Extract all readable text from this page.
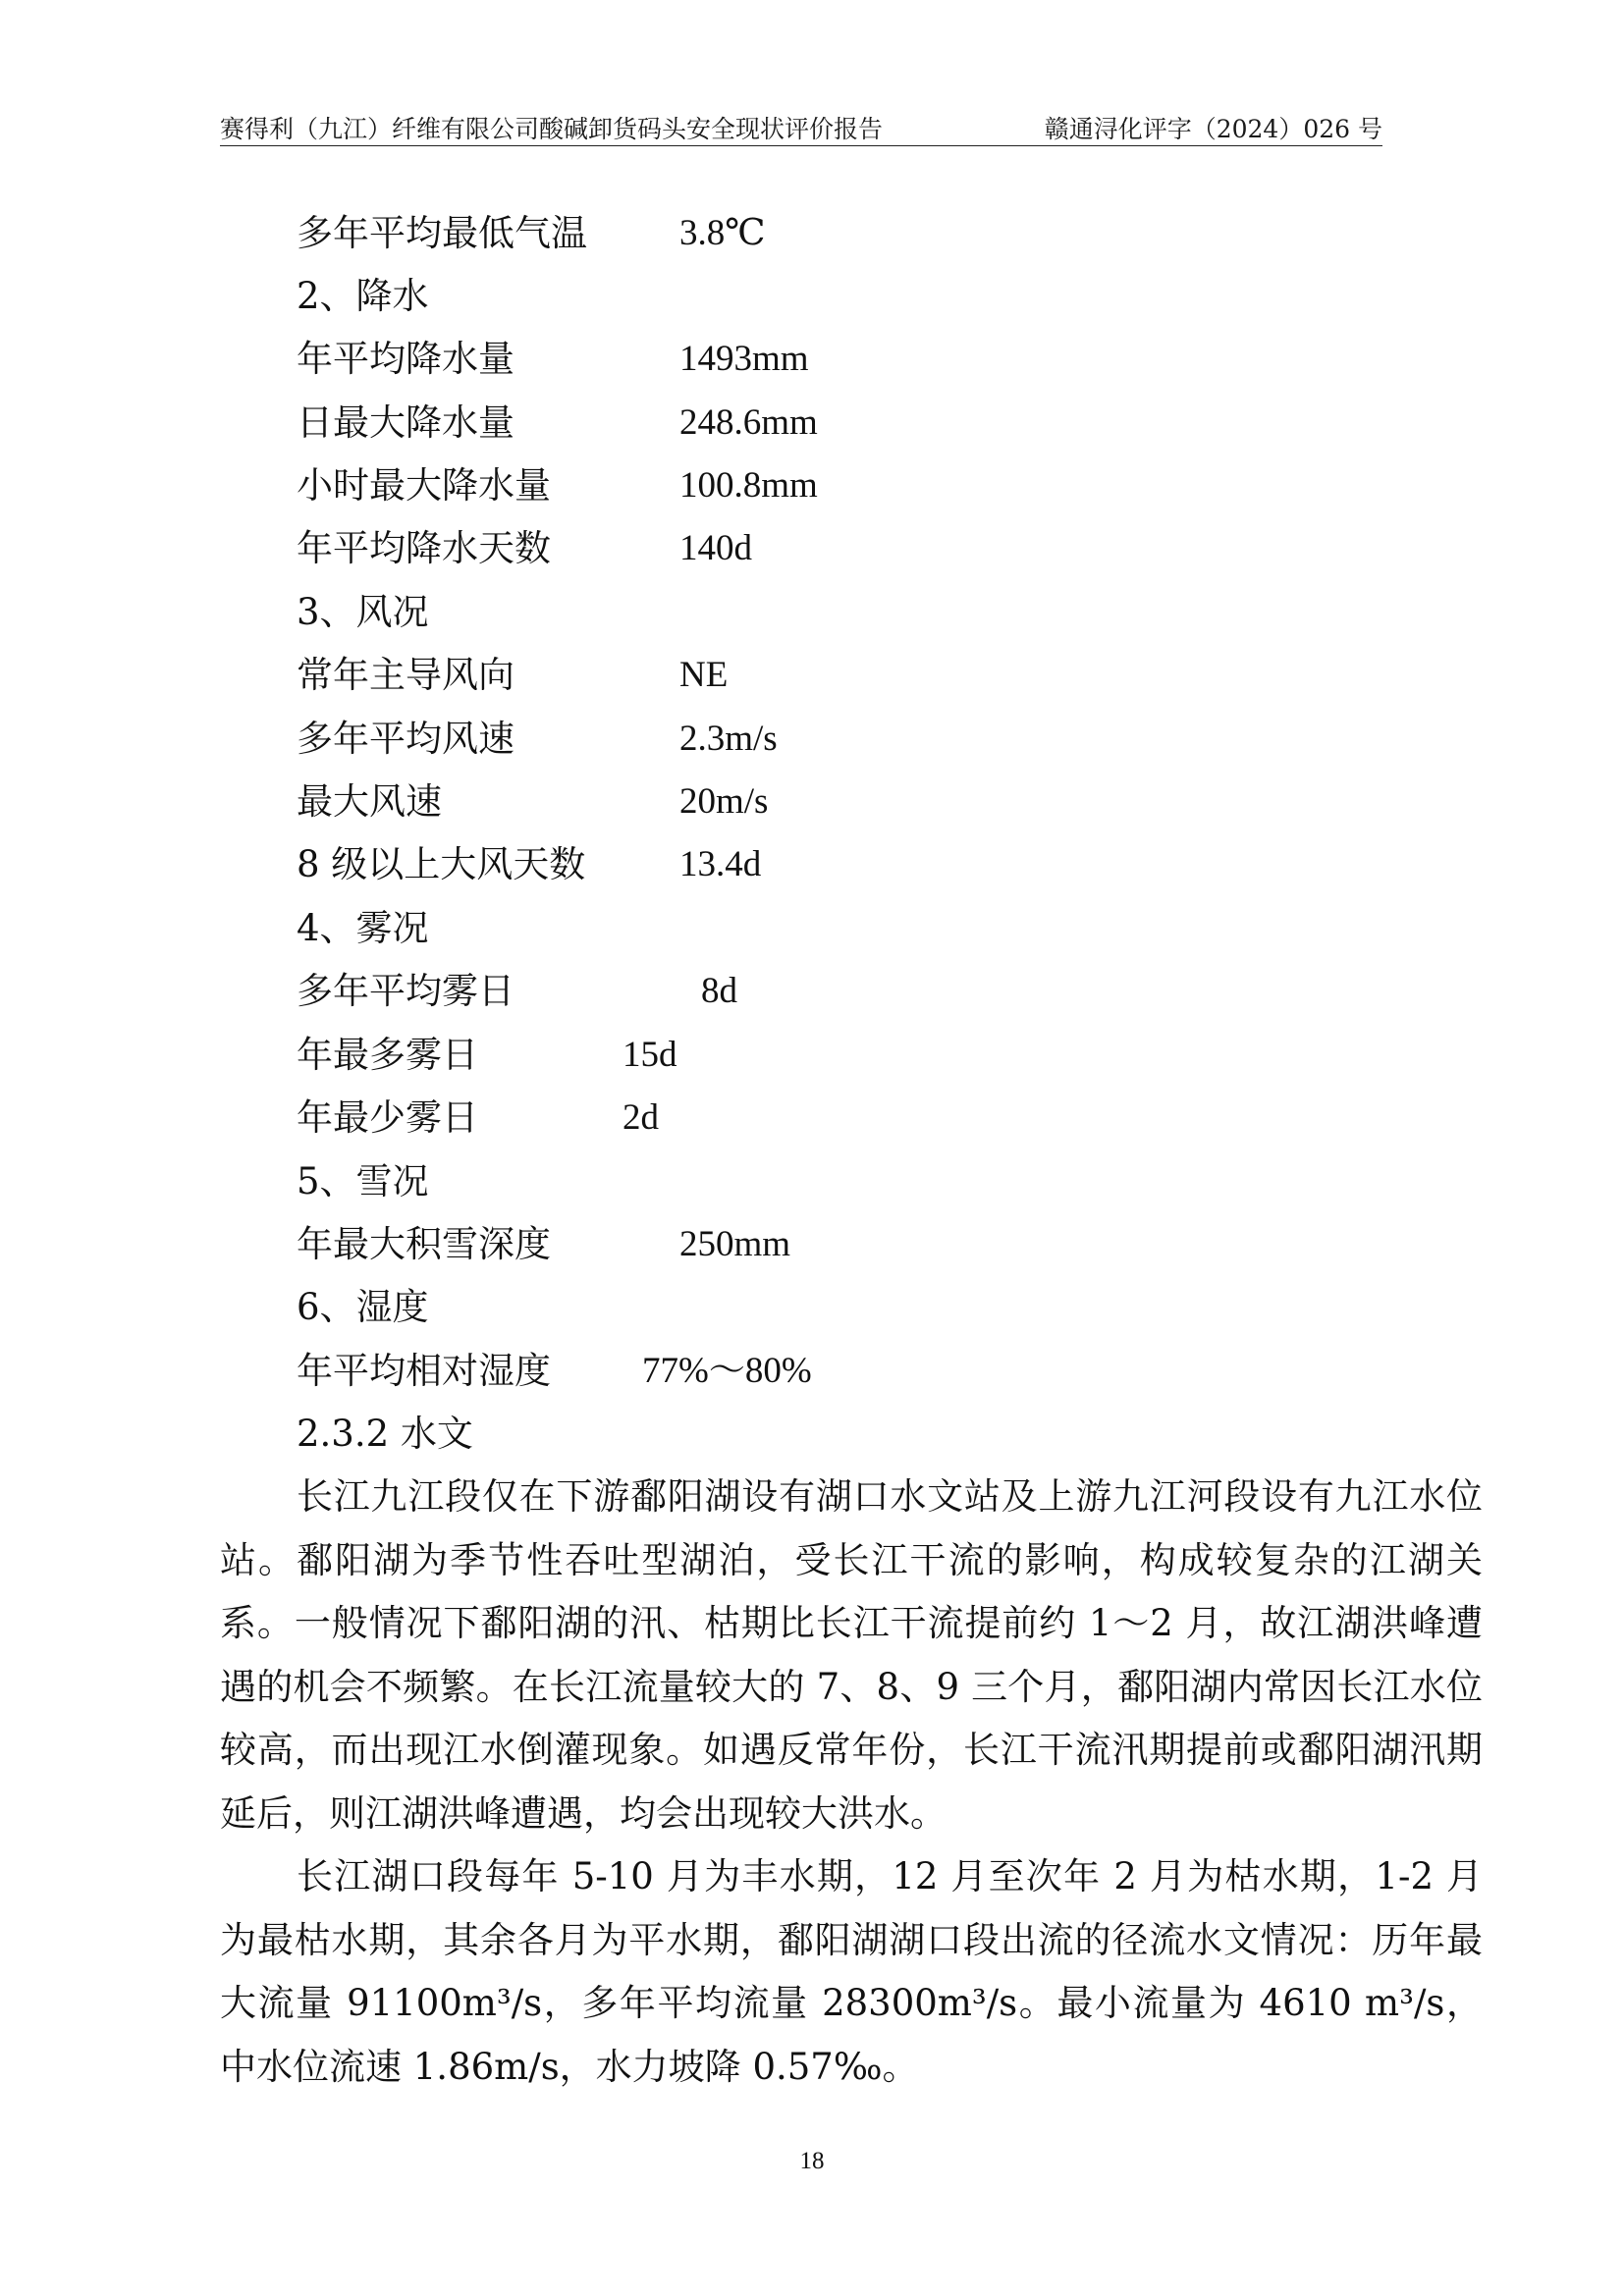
赛得利（九江）纤维有限公司酸碱卸货码头安全现状评价报告	赣通浔化评字（2024）026 号
多年平均最低气温	3.8℃
2、降水
年平均降水量	1493mm
日最大降水量	248.6mm
小时最大降水量	100.8mm
年平均降水天数	140d
3、风况
常年主导风向	NE
多年平均风速	2.3m/s
最大风速	20m/s
8 级以上大风天数	13.4d
4、雾况
多年平均雾日	8d
年最多雾日	15d
年最少雾日	2d
5、雪况
年最大积雪深度	250mm
6、湿度
年平均相对湿度	77%～80%
2.3.2 水文
长江九江段仅在下游鄱阳湖设有湖口水文站及上游九江河段设有九江水位站。鄱阳湖为季节性吞吐型湖泊，受长江干流的影响，构成较复杂的江湖关系。一般情况下鄱阳湖的汛、枯期比长江干流提前约 1～2 月，故江湖洪峰遭遇的机会不频繁。在长江流量较大的 7、8、9 三个月，鄱阳湖内常因长江水位较高，而出现江水倒灌现象。如遇反常年份，长江干流汛期提前或鄱阳湖汛期延后，则江湖洪峰遭遇，均会出现较大洪水。
长江湖口段每年 5-10 月为丰水期，12 月至次年 2 月为枯水期，1-2 月为最枯水期，其余各月为平水期，鄱阳湖湖口段出流的径流水文情况：历年最大流量 91100m³/s，多年平均流量 28300m³/s。最小流量为 4610 m³/s，中水位流速 1.86m/s，水力坡降 0.57‰。
18
